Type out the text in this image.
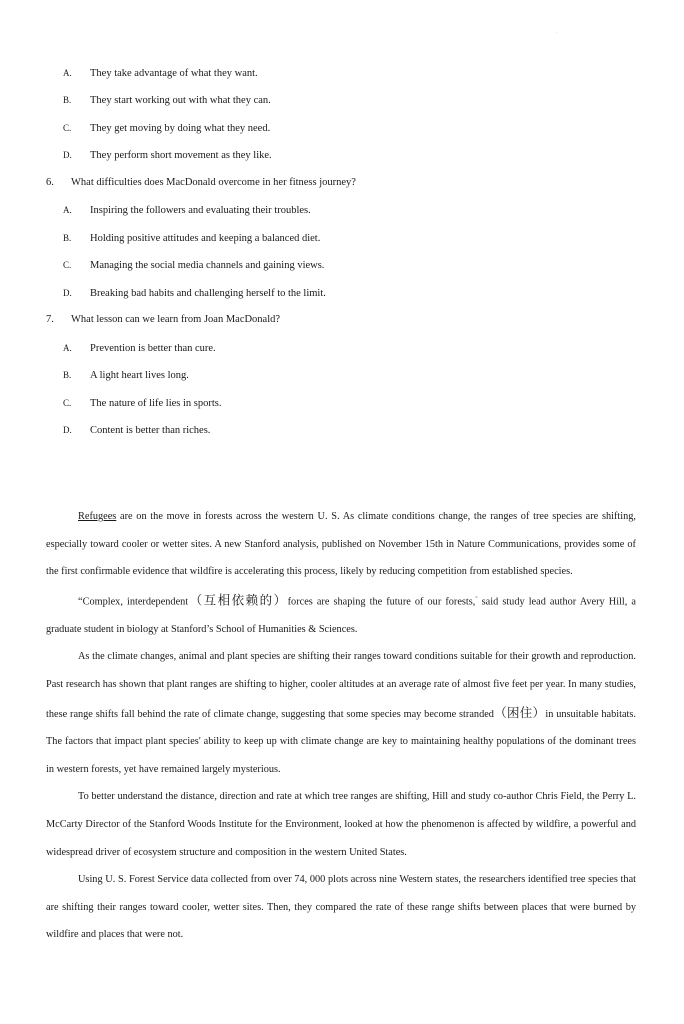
·
A. They take advantage of what they want.
B. They start working out with what they can.
C. They get moving by doing what they need.
D. They perform short movement as they like.
6. What difficulties does MacDonald overcome in her fitness journey?
A. Inspiring the followers and evaluating their troubles.
B. Holding positive attitudes and keeping a balanced diet.
C. Managing the social media channels and gaining views.
D. Breaking bad habits and challenging herself to the limit.
7. What lesson can we learn from Joan MacDonald?
A. Prevention is better than cure.
B. A light heart lives long.
C. The nature of life lies in sports.
D. Content is better than riches.

Refugees are on the move in forests across the western U. S. As climate conditions change, the ranges of tree species are shifting, especially toward cooler or wetter sites. A new Stanford analysis, published on November 15th in Nature Communications, provides some of the first confirmable evidence that wildfire is accelerating this process, likely by reducing competition from established species.

“Complex, interdependent（互相依赖的）forces are shaping the future of our forests,” said study lead author Avery Hill, a graduate student in biology at Stanford’s School of Humanities & Sciences.

As the climate changes, animal and plant species are shifting their ranges toward conditions suitable for their growth and reproduction. Past research has shown that plant ranges are shifting to higher, cooler altitudes at an average rate of almost five feet per year. In many studies, these range shifts fall behind the rate of climate change, suggesting that some species may become stranded（困住）in unsuitable habitats. The factors that impact plant species' ability to keep up with climate change are key to maintaining healthy populations of the dominant trees in western forests, yet have remained largely mysterious.

To better understand the distance, direction and rate at which tree ranges are shifting, Hill and study co-author Chris Field, the Perry L. McCarty Director of the Stanford Woods Institute for the Environment, looked at how the phenomenon is affected by wildfire, a powerful and widespread driver of ecosystem structure and composition in the western United States.

Using U. S. Forest Service data collected from over 74, 000 plots across nine Western states, the researchers identified tree species that are shifting their ranges toward cooler, wetter sites. Then, they compared the rate of these range shifts between places that were burned by wildfire and places that were not.
